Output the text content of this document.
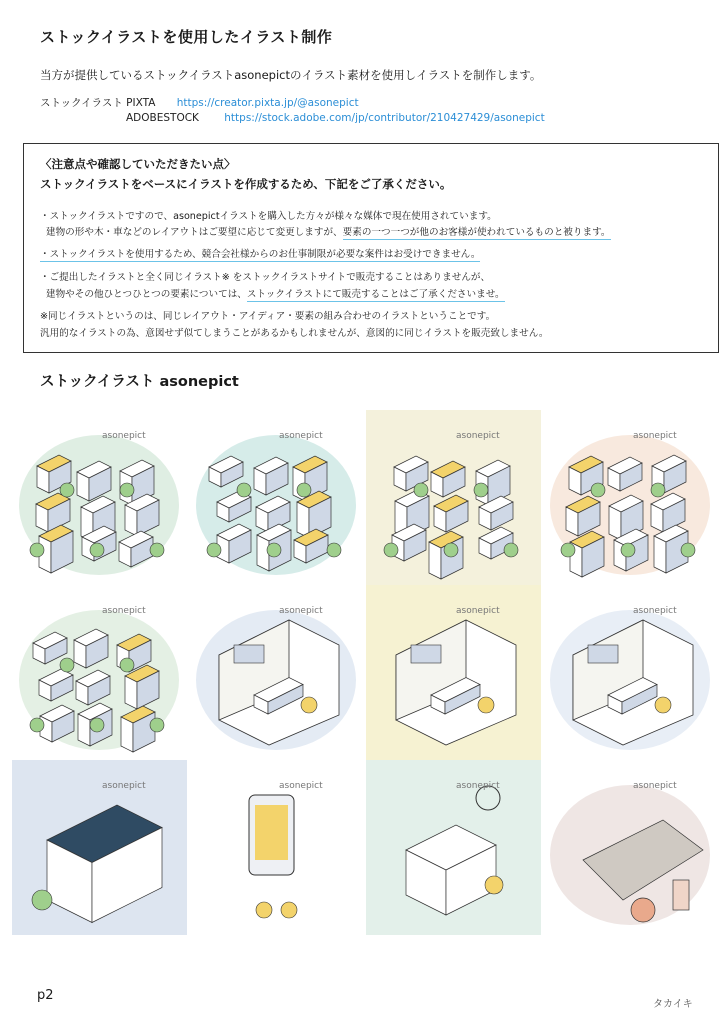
ストックイラストを使用したイラスト制作
当方が提供しているストックイラストasonepictのイラスト素材を使用しイラストを制作します。
ストックイラスト PIXTA https://creator.pixta.jp/@asonepict
ADOBESTOCK https://stock.adobe.com/jp/contributor/210427429/asonepict
〈注意点や確認していただきたい点〉
ストックイラストをベースにイラストを作成するため、下記をご了承ください。
・ストックイラストですので、asonepictイラストを購入した方々が様々な媒体で現在使用されています。
建物の形や木・車などのレイアウトはご要望に応じて変更しますが、要素の一つ一つが他のお客様が使われているものと被ります。
・ストックイラストを使用するため、競合会社様からのお仕事制限が必要な案件はお受けできません。
・ご提出したイラストと全く同じイラスト※ をストックイラストサイトで販売することはありませんが、
建物やその他ひとつひとつの要素については、ストックイラストにて販売することはご了承くださいませ。
※同じイラストというのは、同じレイアウト・アイディア・要素の組み合わせのイラストということです。
汎用的なイラストの為、意図せず似てしまうことがあるかもしれませんが、意図的に同じイラストを販売致しません。
ストックイラスト asonepict
asonepict	asonepict	asonepict	asonepict
asonepict	asonepict	asonepict	asonepict
asonepict	asonepict	asonepict	asonepict
p2
タカイキ
